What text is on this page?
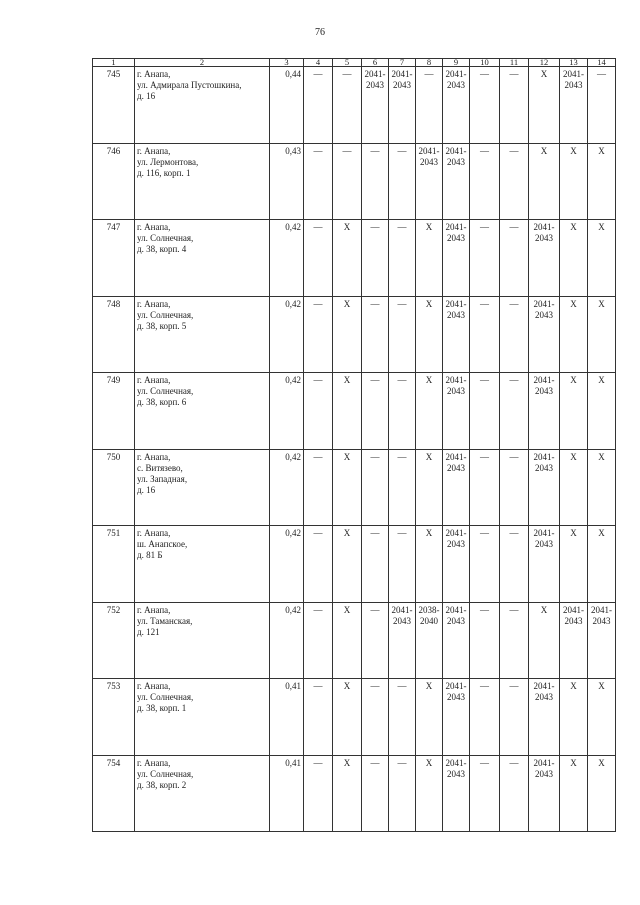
76
1	2	3	4	5	6	7	8	9	10	11	12	13	14
745	г. Анапа,
ул. Адмирала Пустошкина,
д. 16	0,44	—	—	2041-
2043	2041-
2043	—	2041-
2043	—	—	X	2041-
2043	—

746	г. Анапа,
ул. Лермонтова,
д. 116, корп. 1	0,43	—	—	—	—	2041-
2043	2041-
2043	—	—	X	X	X

747	г. Анапа,
ул. Солнечная,
д. 38, корп. 4	0,42	—	X	—	—	X	2041-
2043	—	—	2041-
2043	X	X

748	г. Анапа,
ул. Солнечная,
д. 38, корп. 5	0,42	—	X	—	—	X	2041-
2043	—	—	2041-
2043	X	X

749	г. Анапа,
ул. Солнечная,
д. 38, корп. 6	0,42	—	X	—	—	X	2041-
2043	—	—	2041-
2043	X	X

750	г. Анапа,
с. Витязево,
ул. Западная,
д. 16	0,42	—	X	—	—	X	2041-
2043	—	—	2041-
2043	X	X

751	г. Анапа,
ш. Анапское,
д. 81 Б	0,42	—	X	—	—	X	2041-
2043	—	—	2041-
2043	X	X

752	г. Анапа,
ул. Таманская,
д. 121	0,42	—	X	—	2041-
2043	2038-
2040	2041-
2043	—	—	X	2041-
2043	2041-
2043

753	г. Анапа,
ул. Солнечная,
д. 38, корп. 1	0,41	—	X	—	—	X	2041-
2043	—	—	2041-
2043	X	X

754	г. Анапа,
ул. Солнечная,
д. 38, корп. 2	0,41	—	X	—	—	X	2041-
2043	—	—	2041-
2043	X	X
